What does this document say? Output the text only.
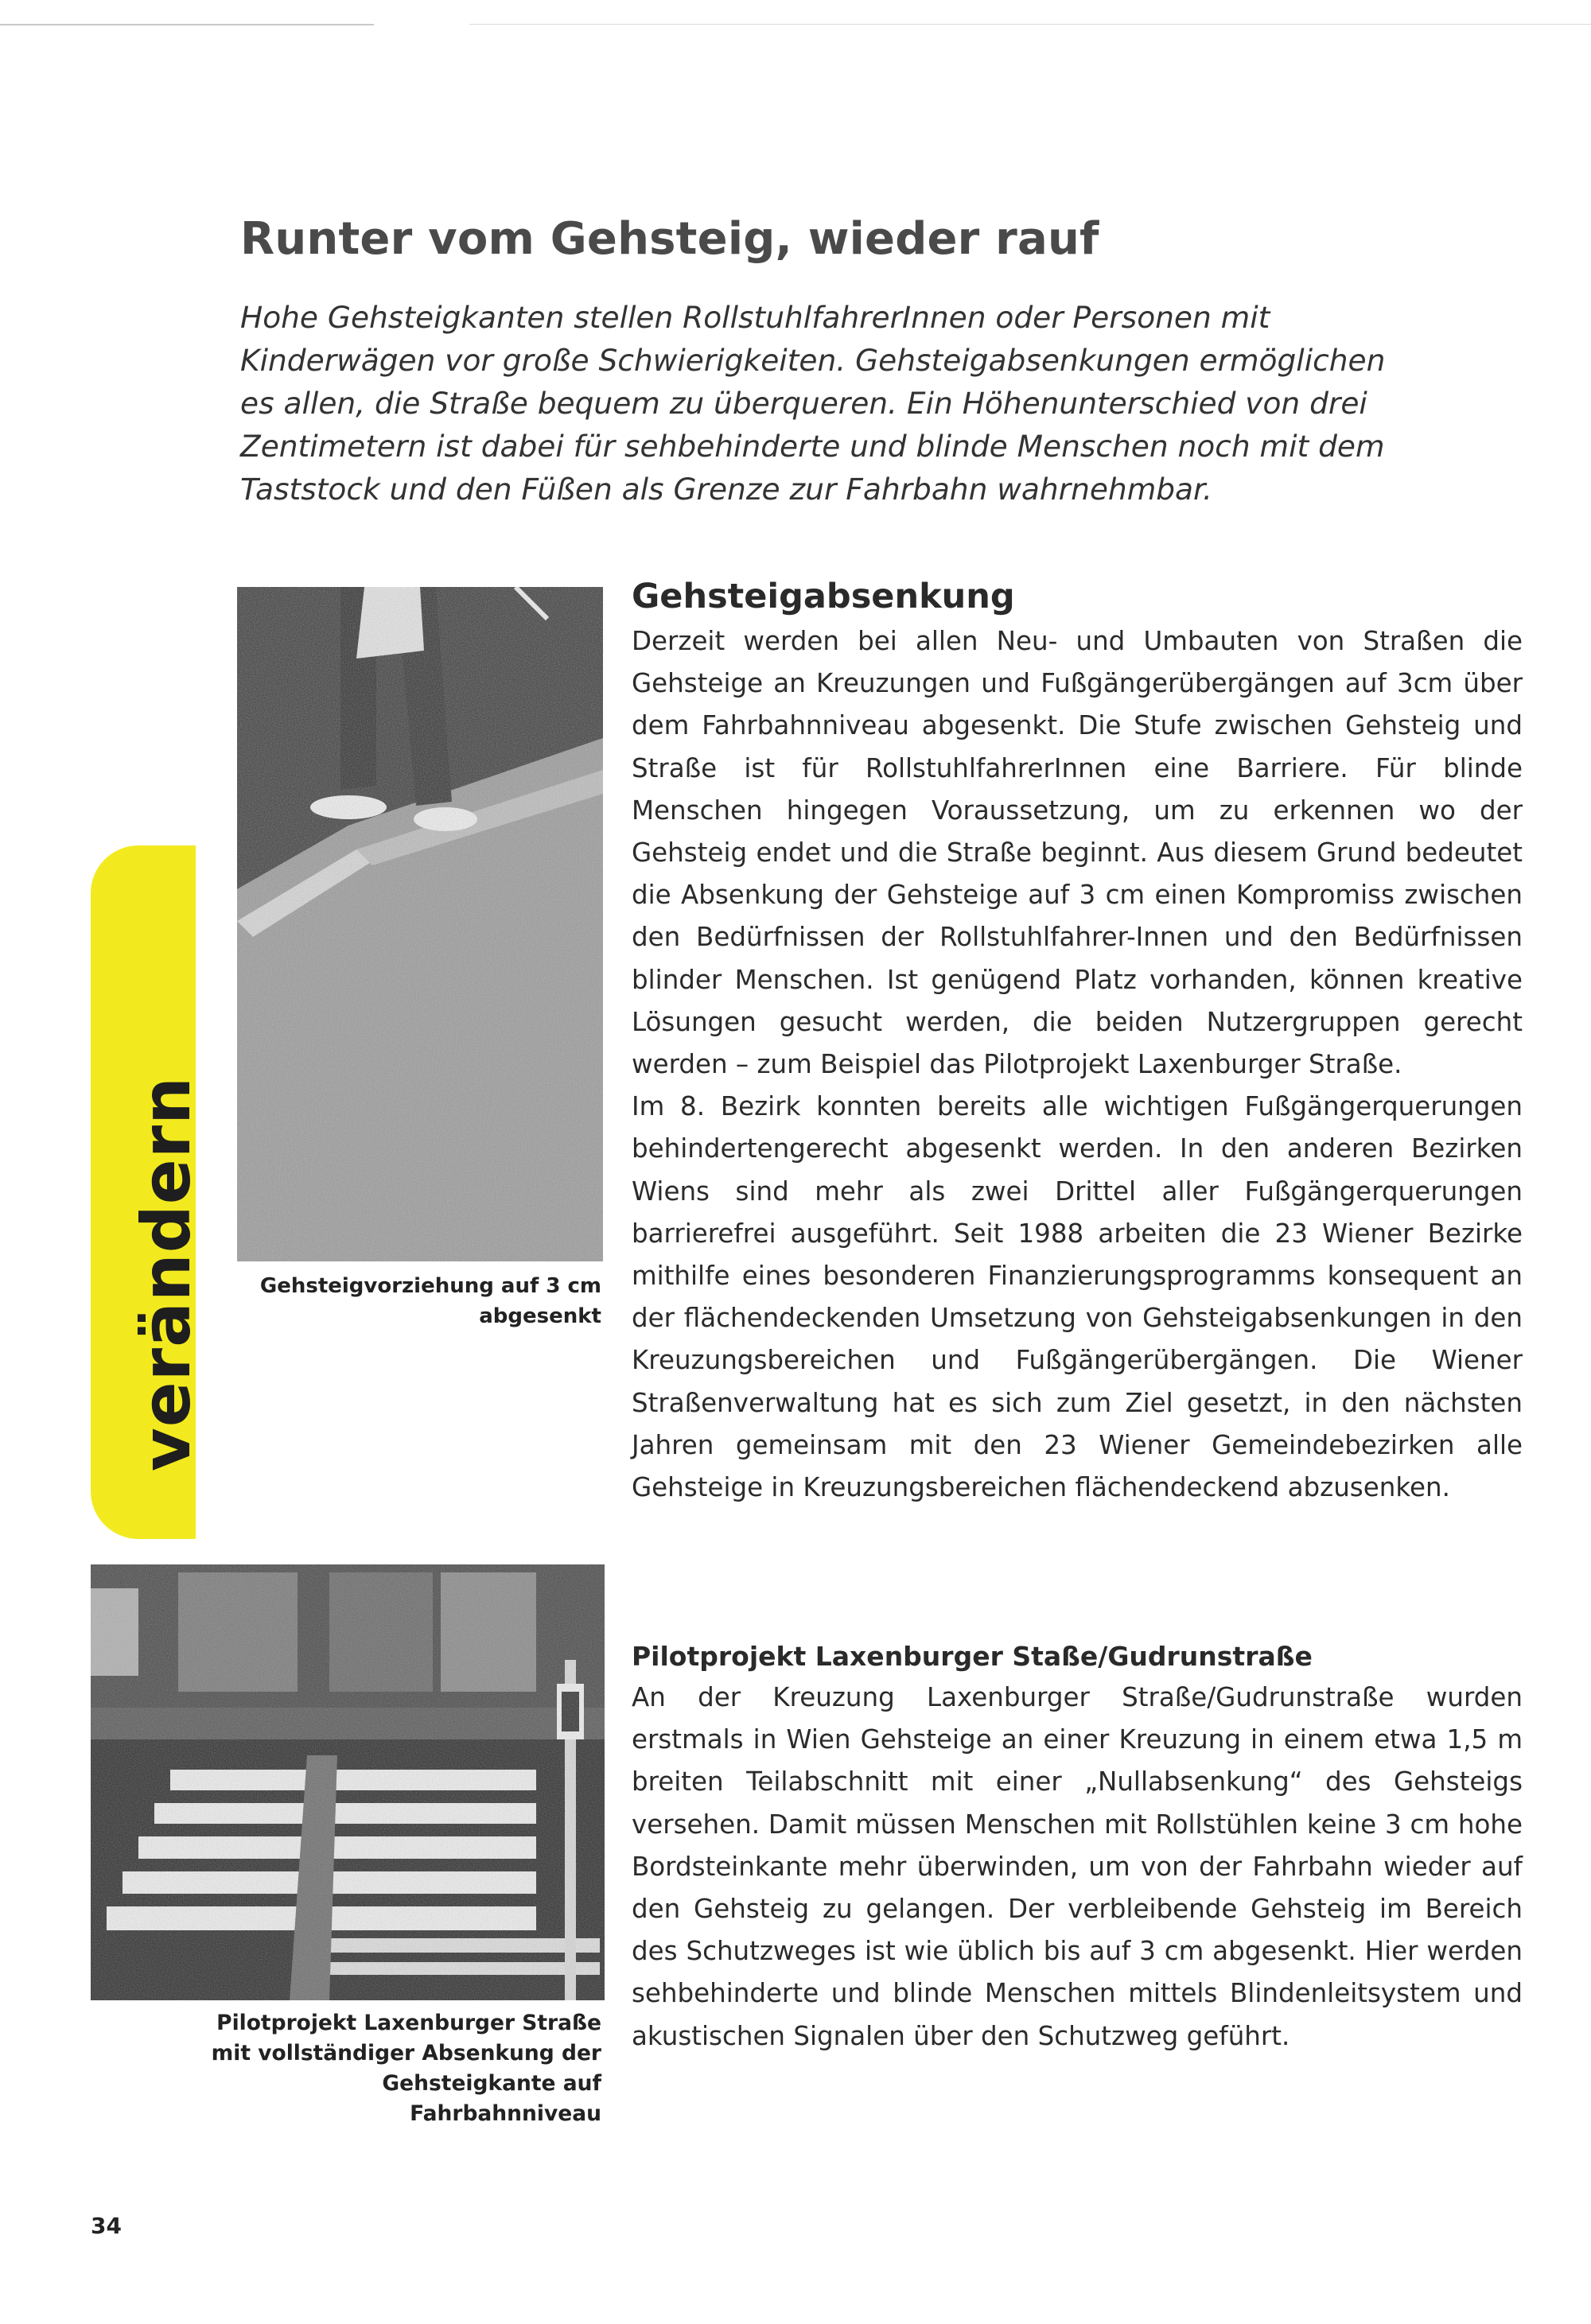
Runter vom Gehsteig, wieder rauf

Hohe Gehsteigkanten stellen RollstuhlfahrerInnen oder Personen mit Kinderwägen vor große Schwierigkeiten. Gehsteigabsenkungen ermöglichen es allen, die Straße bequem zu überqueren. Ein Höhenunterschied von drei Zentimetern ist dabei für sehbehinderte und blinde Menschen noch mit dem Taststock und den Füßen als Grenze zur Fahrbahn wahrnehmbar.

Gehsteigvorziehung auf 3 cm abgesenkt

verändern

Pilotprojekt Laxenburger Straße mit vollständiger Absenkung der Gehsteigkante auf Fahrbahnniveau

Gehsteigabsenkung

Derzeit werden bei allen Neu- und Umbauten von Straßen die Gehsteige an Kreuzungen und Fußgängerübergängen auf 3cm über dem Fahrbahnniveau abgesenkt. Die Stufe zwischen Gehsteig und Straße ist für RollstuhlfahrerInnen eine Barriere. Für blinde Menschen hingegen Voraussetzung, um zu erkennen wo der Gehsteig endet und die Straße beginnt. Aus diesem Grund bedeutet die Absenkung der Gehsteige auf 3 cm einen Kompromiss zwischen den Bedürfnissen der Rollstuhlfahrer-Innen und den Bedürfnissen blinder Menschen. Ist genügend Platz vorhanden, können kreative Lösungen gesucht werden, die beiden Nutzergruppen gerecht werden – zum Beispiel das Pilotprojekt Laxenburger Straße.

Im 8. Bezirk konnten bereits alle wichtigen Fußgängerquerungen behindertengerecht abgesenkt werden. In den anderen Bezirken Wiens sind mehr als zwei Drittel aller Fußgängerquerungen barrierefrei ausgeführt. Seit 1988 arbeiten die 23 Wiener Bezirke mithilfe eines besonderen Finanzierungsprogramms konsequent an der flächendeckenden Umsetzung von Gehsteigabsenkungen in den Kreuzungsbereichen und Fußgängerübergängen. Die Wiener Straßenverwaltung hat es sich zum Ziel gesetzt, in den nächsten Jahren gemeinsam mit den 23 Wiener Gemeindebezirken alle Gehsteige in Kreuzungsbereichen flächendeckend abzusenken.

Pilotprojekt Laxenburger Staße/Gudrunstraße

An der Kreuzung Laxenburger Straße/Gudrunstraße wurden erstmals in Wien Gehsteige an einer Kreuzung in einem etwa 1,5 m breiten Teilabschnitt mit einer „Nullabsenkung“ des Gehsteigs versehen. Damit müssen Menschen mit Rollstühlen keine 3 cm hohe Bordsteinkante mehr überwinden, um von der Fahrbahn wieder auf den Gehsteig zu gelangen. Der verbleibende Gehsteig im Bereich des Schutzweges ist wie üblich bis auf 3 cm abgesenkt. Hier werden sehbehinderte und blinde Menschen mittels Blindenleitsystem und akustischen Signalen über den Schutzweg geführt.

34
